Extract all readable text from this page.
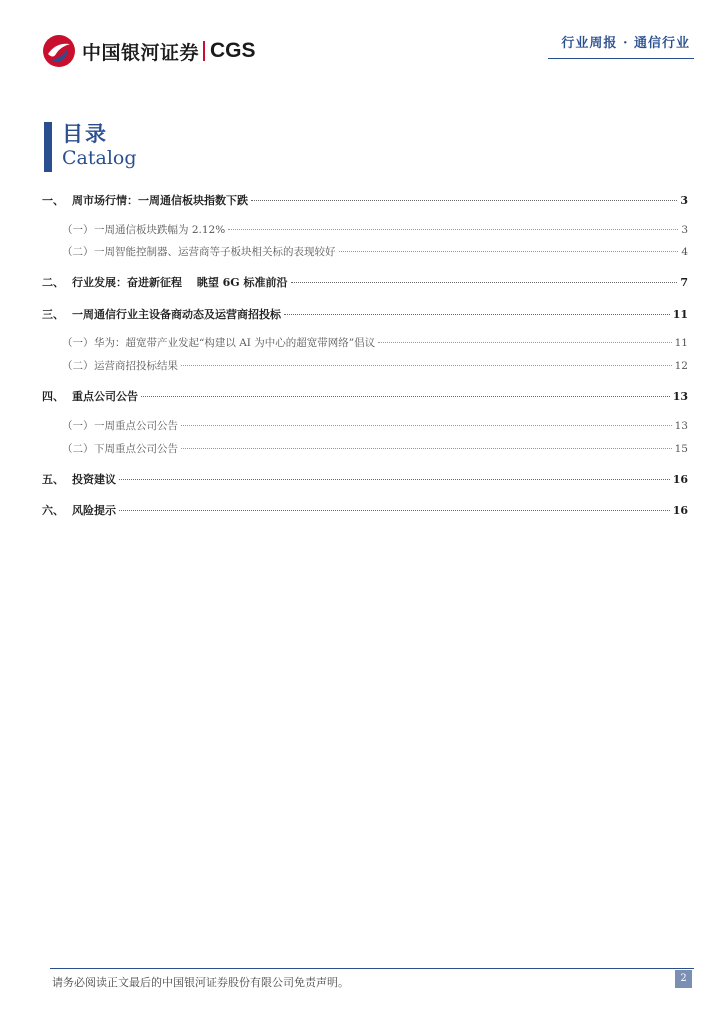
中国银河证券 CGS	行业周报 · 通信行业
目录
Catalog
一、 周市场行情：一周通信板块指数下跌	3
（一） 一周通信板块跌幅为 2.12%	3
（二） 一周智能控制器、运营商等子板块相关标的表现较好	4
二、 行业发展：奋进新征程　 眺望 6G 标准前沿	7
三、 一周通信行业主设备商动态及运营商招投标	11
（一） 华为：超宽带产业发起“构建以 AI 为中心的超宽带网络”倡议	11
（二） 运营商招投标结果	12
四、 重点公司公告	13
（一） 一周重点公司公告	13
（二） 下周重点公司公告	15
五、 投资建议	16
六、 风险提示	16
请务必阅读正文最后的中国银河证券股份有限公司免责声明。	2
